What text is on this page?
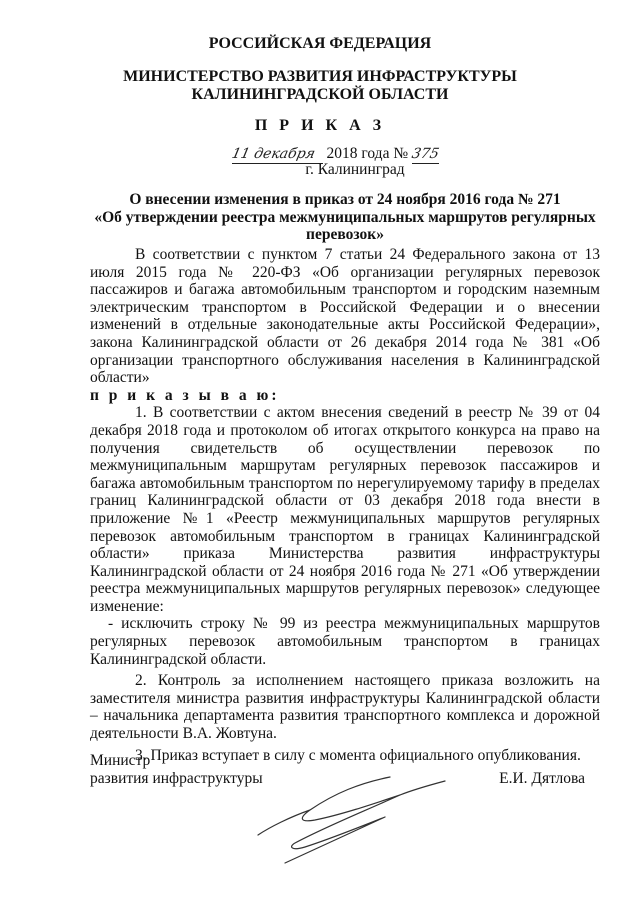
РОССИЙСКАЯ ФЕДЕРАЦИЯ
МИНИСТЕРСТВО РАЗВИТИЯ ИНФРАСТРУКТУРЫ
КАЛИНИНГРАДСКОЙ ОБЛАСТИ
П Р И К А З
11 декабря 2018 года № 375
г. Калининград
О внесении изменения в приказ от 24 ноября 2016 года № 271
«Об утверждении реестра межмуниципальных маршрутов регулярных перевозок»

В соответствии с пунктом 7 статьи 24 Федерального закона от 13 июля 2015 года № 220-ФЗ «Об организации регулярных перевозок пассажиров и багажа автомобильным транспортом и городским наземным электрическим транспортом в Российской Федерации и о внесении изменений в отдельные законодательные акты Российской Федерации», закона Калининградской области от 26 декабря 2014 года № 381 «Об организации транспортного обслуживания населения в Калининградской области»

п р и к а з ы в а ю:

1. В соответствии с актом внесения сведений в реестр № 39 от 04 декабря 2018 года и протоколом об итогах открытого конкурса на право на получения свидетельств об осуществлении перевозок по межмуниципальным маршрутам регулярных перевозок пассажиров и багажа автомобильным транспортом по нерегулируемому тарифу в пределах границ Калининградской области от 03 декабря 2018 года внести в приложение №1 «Реестр межмуниципальных маршрутов регулярных перевозок автомобильным транспортом в границах Калининградской области» приказа Министерства развития инфраструктуры Калининградской области от 24 ноября 2016 года № 271 «Об утверждении реестра межмуниципальных маршрутов регулярных перевозок» следующее изменение:

- исключить строку № 99 из реестра межмуниципальных маршрутов регулярных перевозок автомобильным транспортом в границах Калининградской области.

2. Контроль за исполнением настоящего приказа возложить на заместителя министра развития инфраструктуры Калининградской области – начальника департамента развития транспортного комплекса и дорожной деятельности В.А. Жовтуна.

3. Приказ вступает в силу с момента официального опубликования.

Министр
развития инфраструктуры	Е.И. Дятлова
